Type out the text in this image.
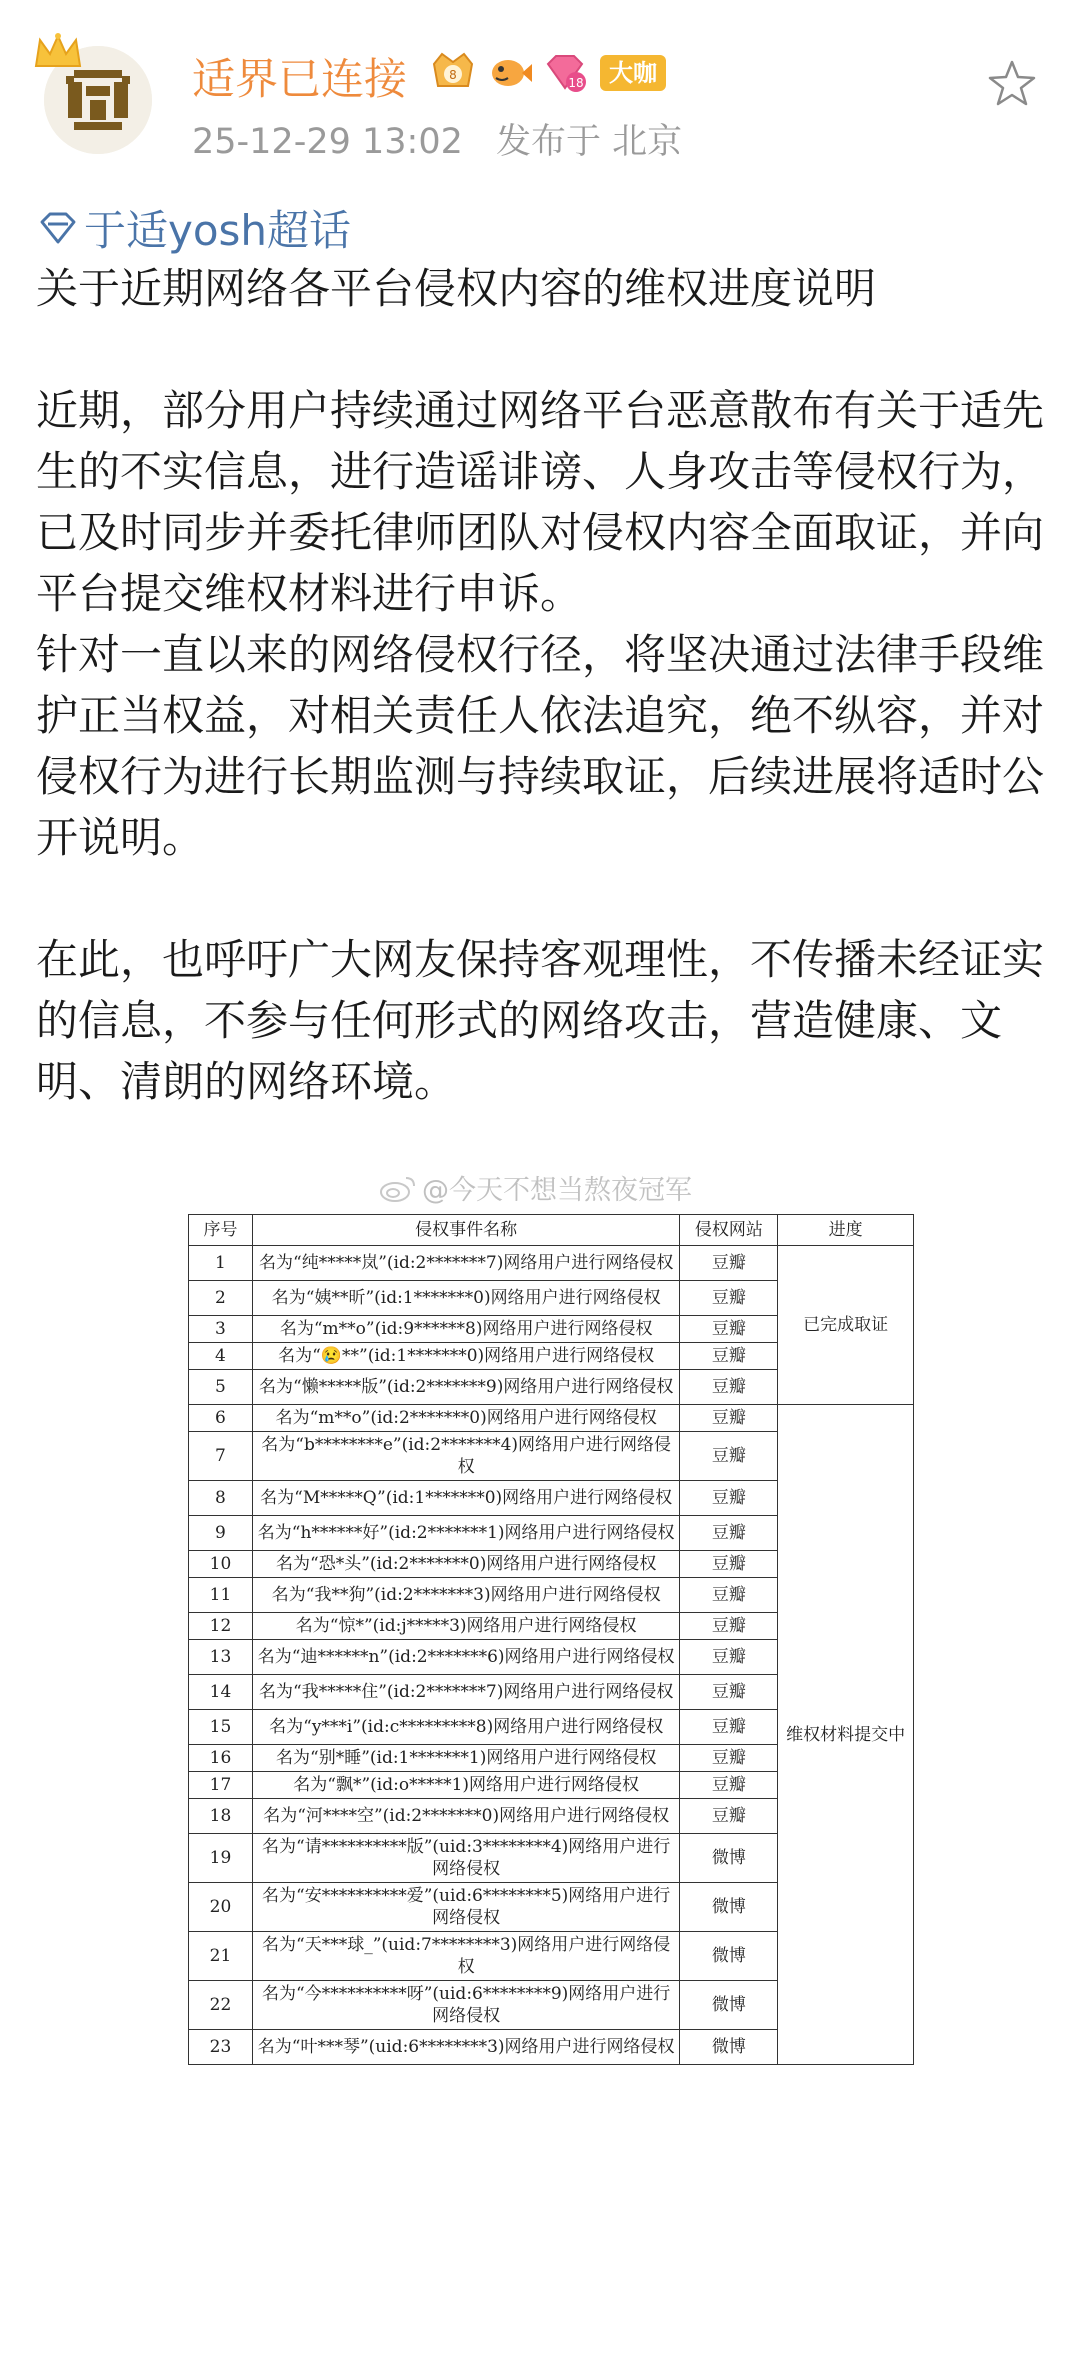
适界已连接	8
18	大咖
25-12-29 13:02 发布于 北京
于适yosh超话

关于近期网络各平台侵权内容的维权进度说明

近期，部分用户持续通过网络平台恶意散布有关于适先生的不实信息，进行造谣诽谤、人身攻击等侵权行为，已及时同步并委托律师团队对侵权内容全面取证，并向平台提交维权材料进行申诉。

针对一直以来的网络侵权行径，将坚决通过法律手段维护正当权益，对相关责任人依法追究，绝不纵容，并对侵权行为进行长期监测与持续取证，后续进展将适时公开说明。

在此，也呼吁广大网友保持客观理性，不传播未经证实的信息，不参与任何形式的网络攻击，营造健康、文明、清朗的网络环境。

@今天不想当熬夜冠军
序号	侵权事件名称	侵权网站	进度
1	名为“纯*****岚”(id:2*******7)网络用户进行网络侵权	豆瓣	已完成取证
2	名为“姨**昕”(id:1*******0)网络用户进行网络侵权	豆瓣	
3	名为“m**o”(id:9******8)网络用户进行网络侵权	豆瓣	
4	名为“😢**”(id:1*******0)网络用户进行网络侵权	豆瓣	
5	名为“懒*****版”(id:2*******9)网络用户进行网络侵权	豆瓣	
6	名为“m**o”(id:2*******0)网络用户进行网络侵权	豆瓣	维权材料提交中
7	名为“b********e”(id:2*******4)网络用户进行网络侵权	豆瓣	
8	名为“M*****Q”(id:1*******0)网络用户进行网络侵权	豆瓣	
9	名为“h******好”(id:2*******1)网络用户进行网络侵权	豆瓣	
10	名为“恐*头”(id:2*******0)网络用户进行网络侵权	豆瓣	
11	名为“我**狗”(id:2*******3)网络用户进行网络侵权	豆瓣	
12	名为“惊*”(id:j*****3)网络用户进行网络侵权	豆瓣	
13	名为“迪******n”(id:2*******6)网络用户进行网络侵权	豆瓣	
14	名为“我*****住”(id:2*******7)网络用户进行网络侵权	豆瓣	
15	名为“y***i”(id:c*********8)网络用户进行网络侵权	豆瓣	
16	名为“别*睡”(id:1*******1)网络用户进行网络侵权	豆瓣	
17	名为“飘*”(id:o*****1)网络用户进行网络侵权	豆瓣	
18	名为“河****空”(id:2*******0)网络用户进行网络侵权	豆瓣	
19	名为“请**********版”(uid:3********4)网络用户进行网络侵权	微博	
20	名为“安**********爱”(uid:6********5)网络用户进行网络侵权	微博	
21	名为“天***球_”(uid:7********3)网络用户进行网络侵权	微博	
22	名为“今**********呀”(uid:6********9)网络用户进行网络侵权	微博	
23	名为“叶***琴”(uid:6********3)网络用户进行网络侵权	微博	
